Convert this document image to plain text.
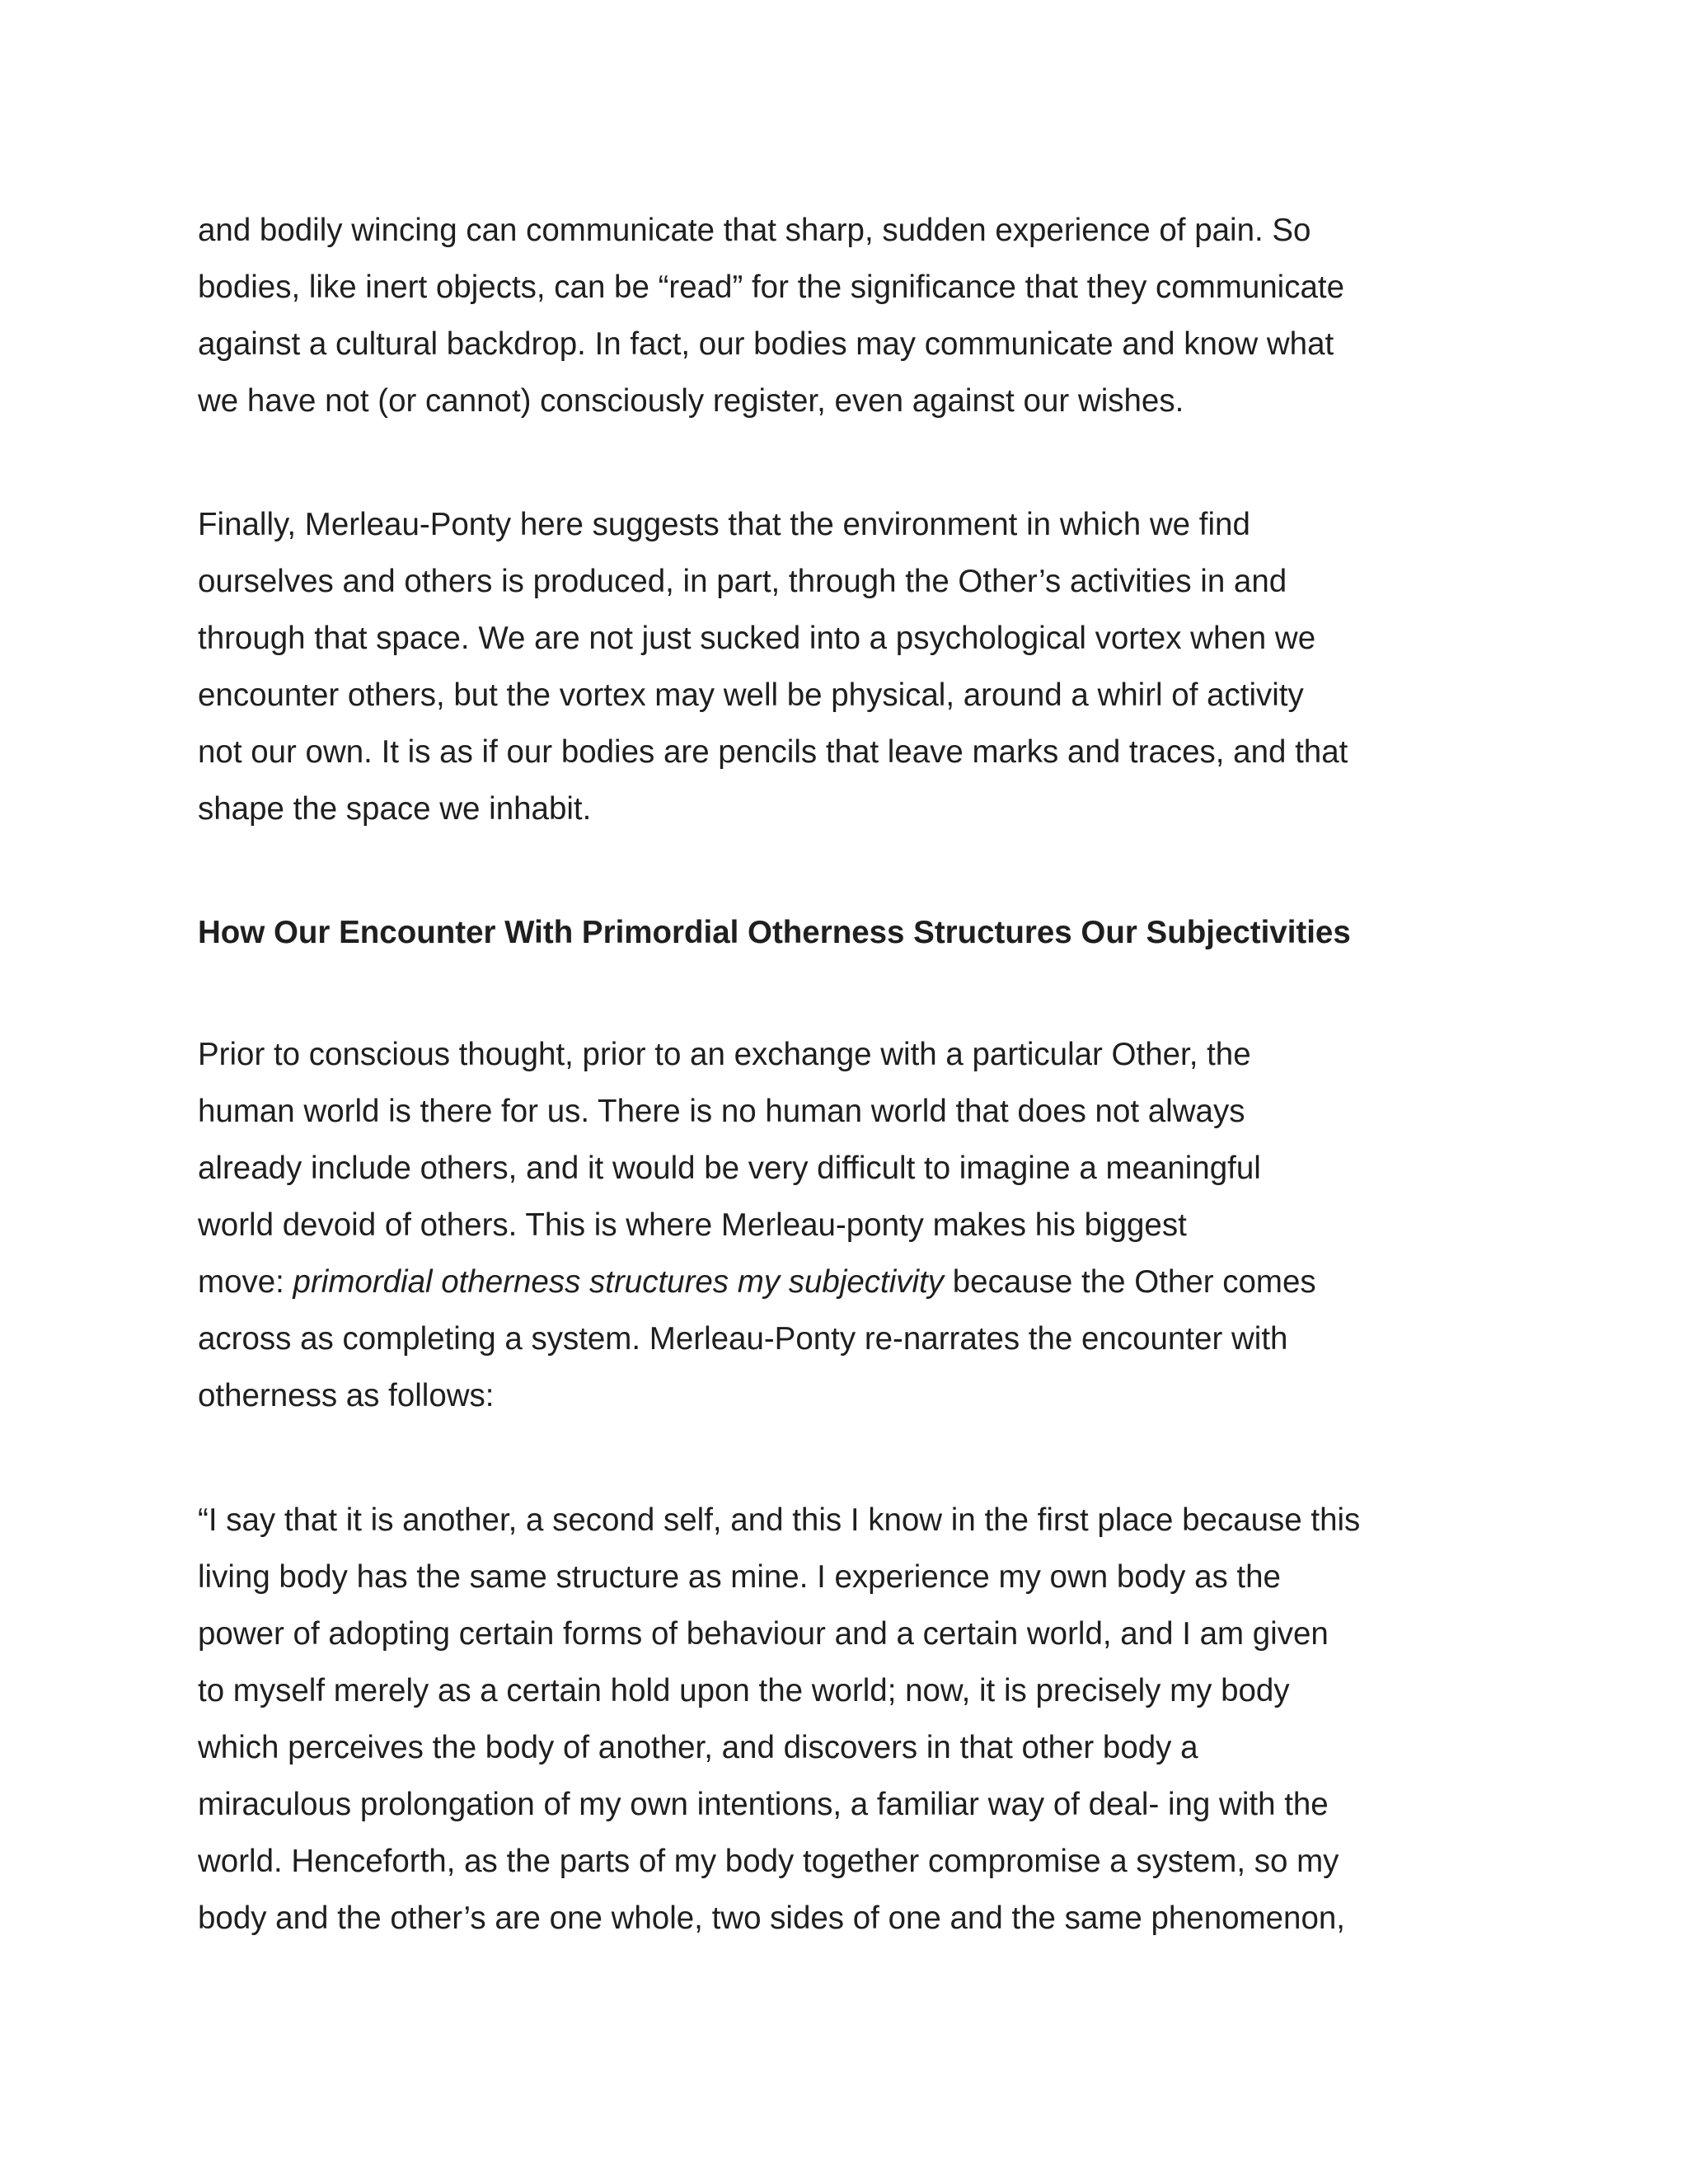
and bodily wincing can communicate that sharp, sudden experience of pain. So
bodies, like inert objects, can be “read” for the significance that they communicate
against a cultural backdrop. In fact, our bodies may communicate and know what
we have not (or cannot) consciously register, even against our wishes.
Finally, Merleau-Ponty here suggests that the environment in which we find
ourselves and others is produced, in part, through the Other’s activities in and
through that space. We are not just sucked into a psychological vortex when we
encounter others, but the vortex may well be physical, around a whirl of activity
not our own. It is as if our bodies are pencils that leave marks and traces, and that
shape the space we inhabit.
How Our Encounter With Primordial Otherness Structures Our Subjectivities
Prior to conscious thought, prior to an exchange with a particular Other, the
human world is there for us. There is no human world that does not always
already include others, and it would be very difficult to imagine a meaningful
world devoid of others. This is where Merleau-ponty makes his biggest
move: primordial otherness structures my subjectivity because the Other comes
across as completing a system. Merleau-Ponty re-narrates the encounter with
otherness as follows:
“I say that it is another, a second self, and this I know in the first place because this
living body has the same structure as mine. I experience my own body as the
power of adopting certain forms of behaviour and a certain world, and I am given
to myself merely as a certain hold upon the world; now, it is precisely my body
which perceives the body of another, and discovers in that other body a
miraculous prolongation of my own intentions, a familiar way of deal- ing with the
world. Henceforth, as the parts of my body together compromise a system, so my
body and the other’s are one whole, two sides of one and the same phenomenon,
